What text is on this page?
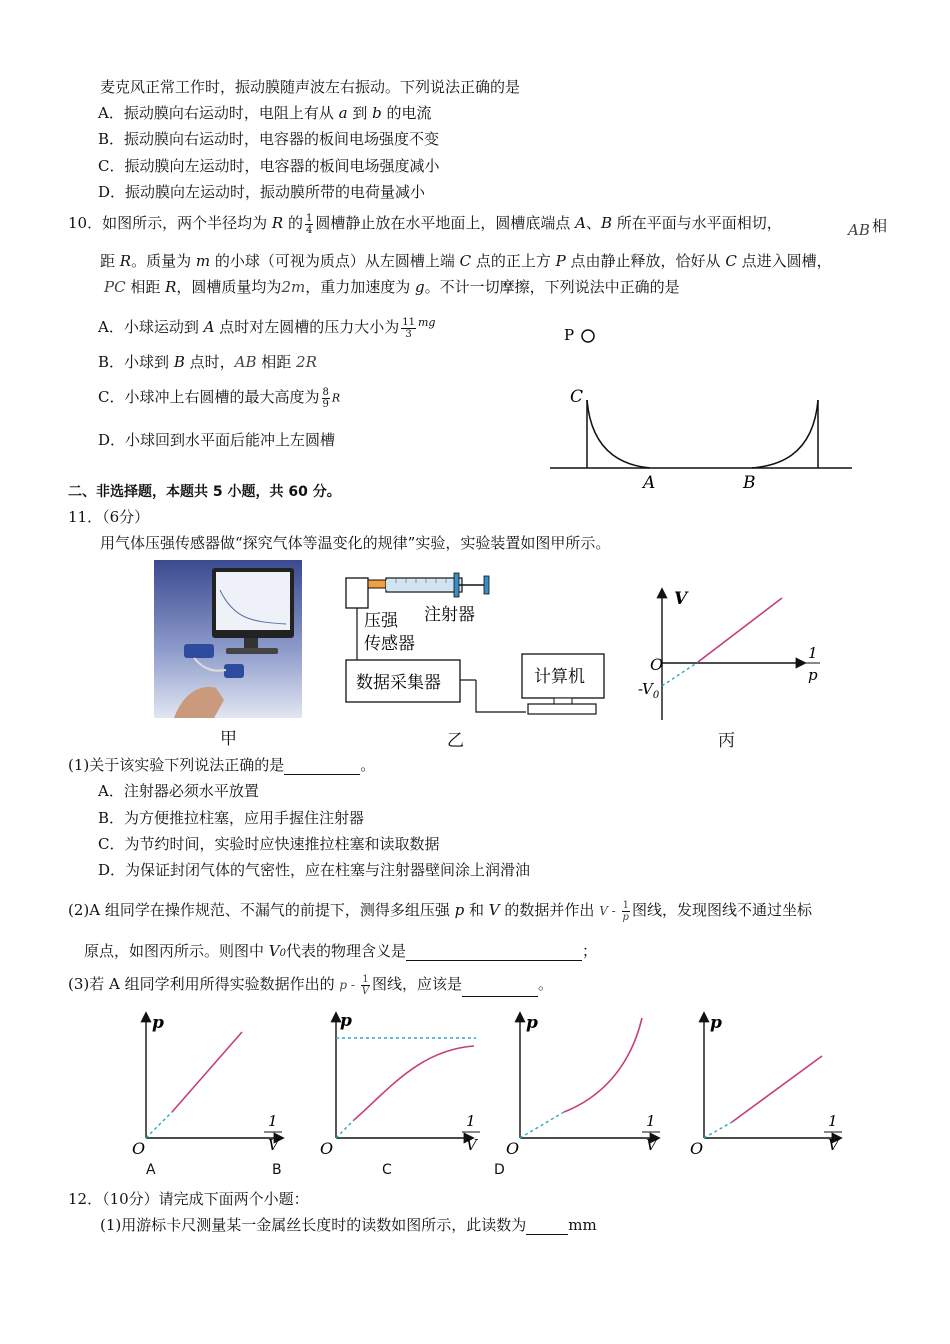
麦克风正常工作时，振动膜随声波左右振动。下列说法正确的是
A．振动膜向右运动时，电阻上有从 a 到 b 的电流
B．振动膜向右运动时，电容器的板间电场强度不变
C．振动膜向左运动时，电容器的板间电场强度减小
D．振动膜向左运动时，振动膜所带的电荷量减小
10．如图所示，两个半径均为 R 的 $\frac{1}{4}$ 圆槽静止放在水平地面上，圆槽底端点 A、B 所在平面与水平面相切，	AB 相
距 R。质量为 m 的小球（可视为质点）从左圆槽上端 C 点的正上方 P 点由静止释放，恰好从 C 点进入圆槽，
PC 相距 R，圆槽质量均为2m，重力加速度为 g。不计一切摩擦，下列说法中正确的是
A．小球运动到 A 点时对左圆槽的压力大小为 $\frac{11}{3} ^{mg}$
B．小球到 B 点时，AB 相距 2R
C．小球冲上右圆槽的最大高度为 $\frac{8}{9}$ R
D．小球回到水平面后能冲上左圆槽
P
C
A	B
二、非选择题，本题共 5 小题，共 60 分。
11．（6分）
用气体压强传感器做“探究气体等温变化的规律”实验，实验装置如图甲所示。
甲
压强
传感器
注射器
数据采集器	计算机
乙
V
O
$-V_0$
1
p
丙
(1)关于该实验下列说法正确的是	。
A．注射器必须水平放置
B．为方便推拉柱塞，应用手握住注射器
C．为节约时间，实验时应快速推拉柱塞和读取数据
D．为保证封闭气体的气密性，应在柱塞与注射器壁间涂上润滑油
(2)A 组同学在操作规范、不漏气的前提下，测得多组压强 p 和 V 的数据并作出 V - $\frac{1}{p}$ 图线，发现图线不通过坐标
原点，如图丙所示。则图中 V0代表的物理含义是	；
(3)若 A 组同学利用所得实验数据作出的 p - $\frac{1}{V}$ 图线，应该是	。
p
O
1
V
p
O
1
V
p
O
1
V
p
O
1
V
A	B	C	D
12．（10分）请完成下面两个小题：
(1)用游标卡尺测量某一金属丝长度时的读数如图所示，此读数为	mm
